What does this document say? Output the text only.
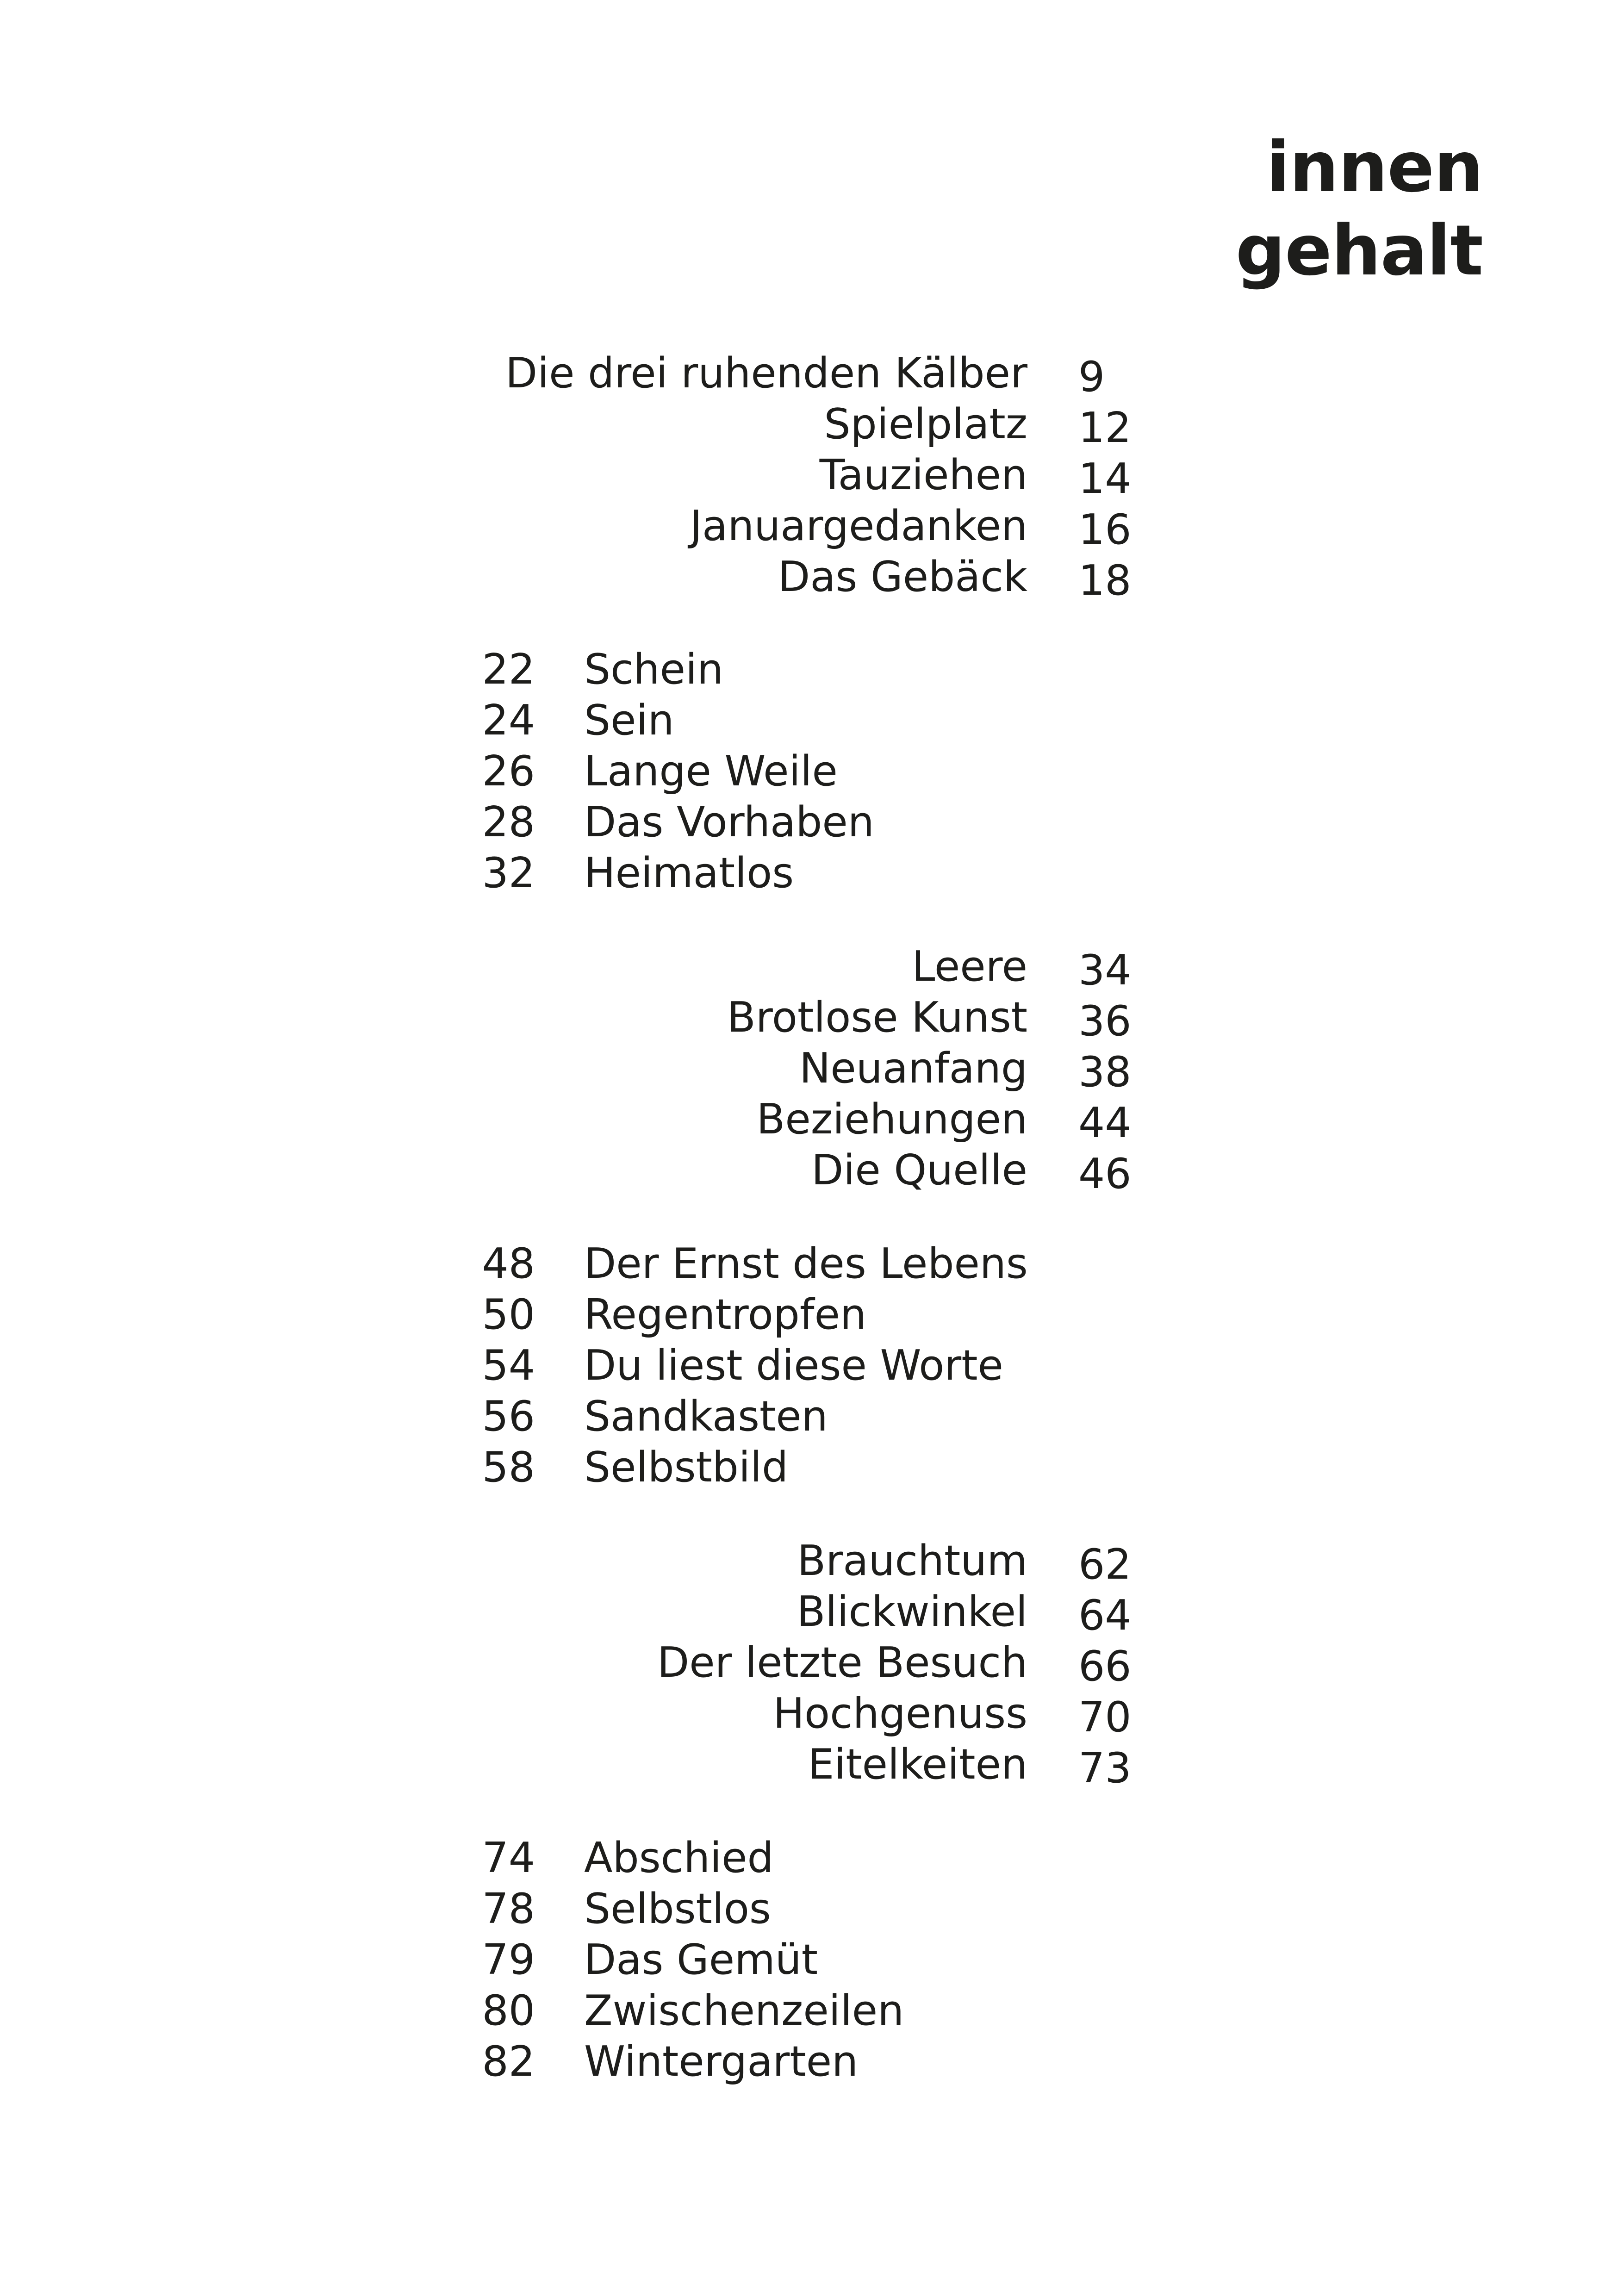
innen
gehalt
Die drei ruhenden Kälber 9
Spielplatz 12
Tauziehen 14
Januargedanken 16
Das Gebäck 18
22 Schein
24 Sein
26 Lange Weile
28 Das Vorhaben
32 Heimatlos
Leere 34
Brotlose Kunst 36
Neuanfang 38
Beziehungen 44
Die Quelle 46
48 Der Ernst des Lebens
50 Regentropfen
54 Du liest diese Worte
56 Sandkasten
58 Selbstbild
Brauchtum 62
Blickwinkel 64
Der letzte Besuch 66
Hochgenuss 70
Eitelkeiten 73
74 Abschied
78 Selbstlos
79 Das Gemüt
80 Zwischenzeilen
82 Wintergarten
